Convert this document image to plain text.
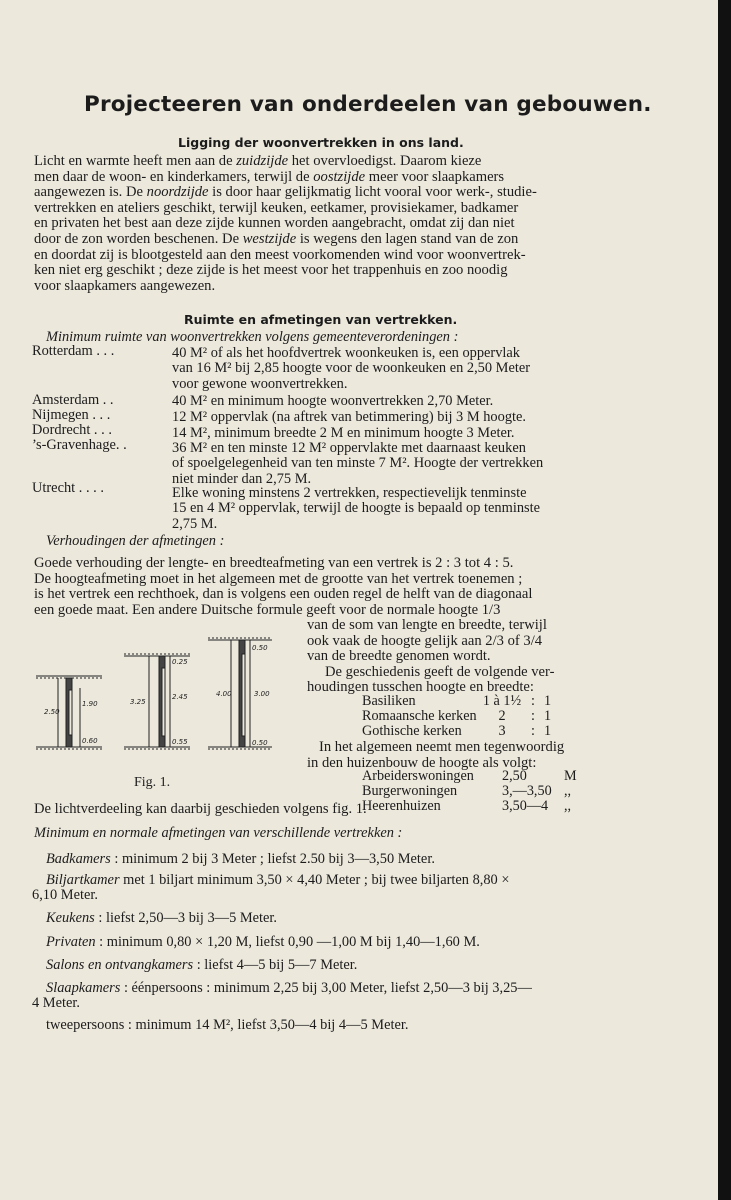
Projecteeren van onderdeelen van gebouwen.
Ligging der woonvertrekken in ons land.
Licht en warmte heeft men aan de zuidzijde het overvloedigst. Daarom kieze
men daar de woon- en kinderkamers, terwijl de oostzijde meer voor slaapkamers
aangewezen is. De noordzijde is door haar gelijkmatig licht vooral voor werk-, studie-
vertrekken en ateliers geschikt, terwijl keuken, eetkamer, provisiekamer, badkamer
en privaten het best aan deze zijde kunnen worden aangebracht, omdat zij dan niet
door de zon worden beschenen. De westzijde is wegens den lagen stand van de zon
en doordat zij is blootgesteld aan den meest voorkomenden wind voor woonvertrek-
ken niet erg geschikt ; deze zijde is het meest voor het trappenhuis en zoo noodig
voor slaapkamers aangewezen.
Ruimte en afmetingen van vertrekken.

Minimum ruimte van woonvertrekken volgens gemeenteverordeningen :

Rotterdam . . .	40 M² of als het hoofdvertrek woonkeuken is, een oppervlak
van 16 M² bij 2,85 hoogte voor de woonkeuken en 2,50 Meter
voor gewone woonvertrekken.
Amsterdam . .	40 M² en minimum hoogte woonvertrekken 2,70 Meter.
Nijmegen . . .	12 M² oppervlak (na aftrek van betimmering) bij 3 M hoogte.
Dordrecht . . .	14 M², minimum breedte 2 M en minimum hoogte 3 Meter.
’s-Gravenhage. .	36 M² en ten minste 12 M² oppervlakte met daarnaast keuken
of spoelgelegenheid van ten minste 7 M². Hoogte der vertrekken
niet minder dan 2,75 M.
Utrecht . . . .	Elke woning minstens 2 vertrekken, respectievelijk tenminste
15 en 4 M² oppervlak, terwijl de hoogte is bepaald op tenminste
2,75 M.

Verhoudingen der afmetingen :

Goede verhouding der lengte- en breedteafmeting van een vertrek is 2 : 3 tot 4 : 5.
De hoogteafmeting moet in het algemeen met de grootte van het vertrek toenemen ;
is het vertrek een rechthoek, dan is volgens een ouden regel de helft van de diagonaal
een goede maat. Een andere Duitsche formule geeft voor de normale hoogte 1/3
van de som van lengte en breedte, terwijl
ook vaak de hoogte gelijk aan 2/3 of 3/4
van de breedte genomen wordt.
De geschiedenis geeft de volgende ver-
houdingen tusschen hoogte en breedte:
Basiliken	1 à 1½	:	1
Romaansche kerken	2	:	1
Gothische kerken	3	:	1
In het algemeen neemt men tegenwoordig
in den huizenbouw de hoogte als volgt:
Arbeiderswoningen	2,50	M
Burgerwoningen	3,—3,50	,,
Heerenhuizen	3,50—4	,,
2.50
1.90
0.60
3.25
0.25
2.45
0.55
4.00
0.50
3.00
0.50
Fig. 1.

De lichtverdeeling kan daarbij geschieden volgens fig. 1.

Minimum en normale afmetingen van verschillende vertrekken :

Badkamers : minimum 2 bij 3 Meter ; liefst 2.50 bij 3—3,50 Meter.

Biljartkamer met 1 biljart minimum 3,50 × 4,40 Meter ; bij twee biljarten 8,80 ×

6,10 Meter.

Keukens : liefst 2,50—3 bij 3—5 Meter.

Privaten : minimum 0,80 × 1,20 M, liefst 0,90 —1,00 M bij 1,40—1,60 M.

Salons en ontvangkamers : liefst 4—5 bij 5—7 Meter.

Slaapkamers : éénpersoons : minimum 2,25 bij 3,00 Meter, liefst 2,50—3 bij 3,25—

4 Meter.

tweepersoons : minimum 14 M², liefst 3,50—4 bij 4—5 Meter.
